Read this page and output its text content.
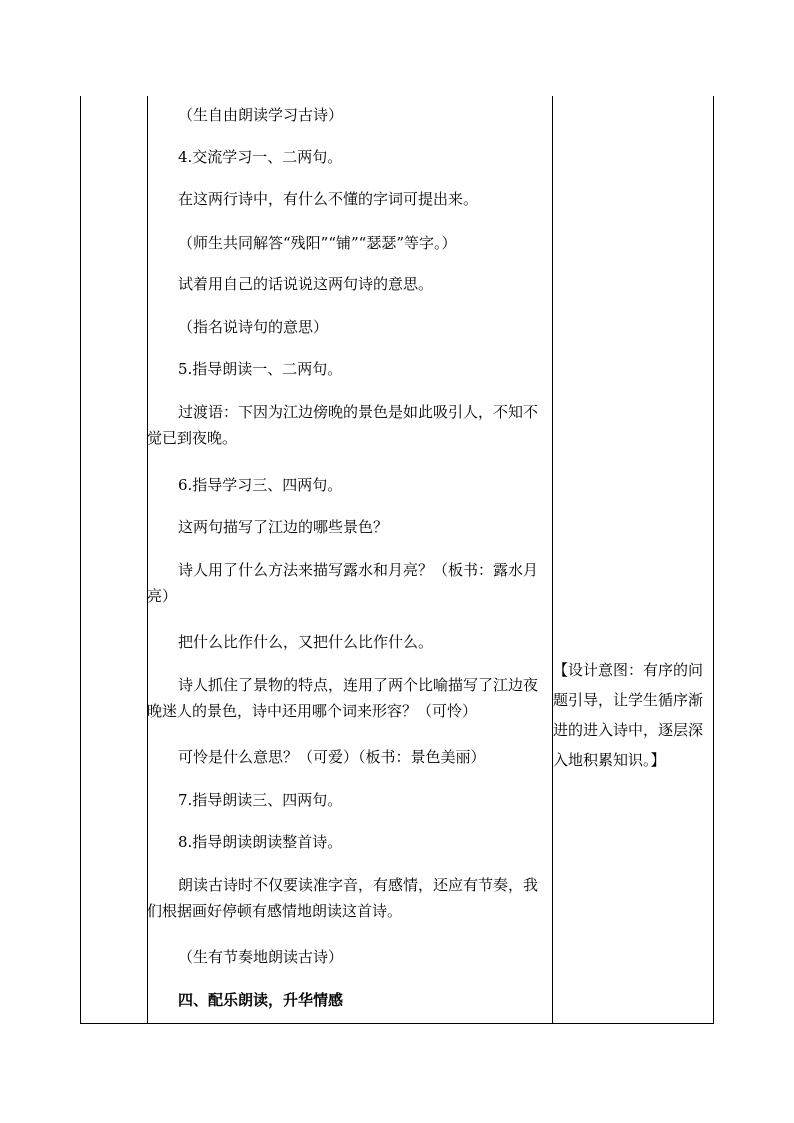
（生自由朗读学习古诗）

4.交流学习一、二两句。

在这两行诗中，有什么不懂的字词可提出来。

（师生共同解答“残阳”“铺”“瑟瑟”等字。）

试着用自己的话说说这两句诗的意思。

（指名说诗句的意思）

5.指导朗读一、二两句。

过渡语：下因为江边傍晚的景色是如此吸引人，不知不觉已到夜晚。

6.指导学习三、四两句。

这两句描写了江边的哪些景色？

诗人用了什么方法来描写露水和月亮？（板书：露水月亮）

把什么比作什么，又把什么比作什么。

诗人抓住了景物的特点，连用了两个比喻描写了江边夜晚迷人的景色，诗中还用哪个词来形容？（可怜）

可怜是什么意思？（可爱）（板书：景色美丽）

7.指导朗读三、四两句。

8.指导朗读朗读整首诗。

朗读古诗时不仅要读准字音，有感情，还应有节奏，我们根据画好停顿有感情地朗读这首诗。

（生有节奏地朗读古诗）

四、配乐朗读，升华情感

【设计意图：有序的问题引导，让学生循序渐进的进入诗中，逐层深入地积累知识。】
